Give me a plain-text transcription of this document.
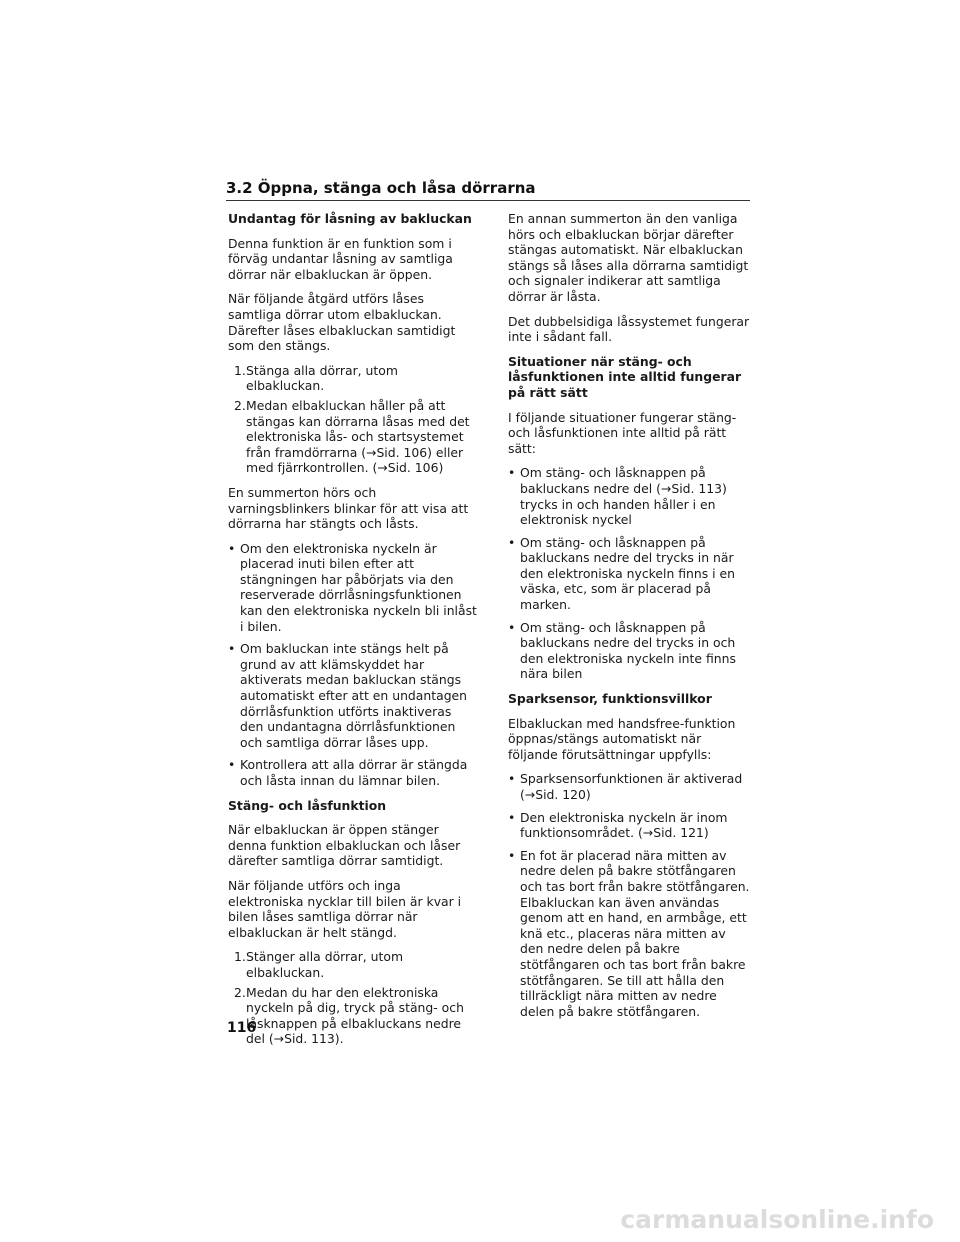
3.2 Öppna, stänga och låsa dörrarna
Undantag för låsning av bakluckan

Denna funktion är en funktion som i förväg undantar låsning av samtliga dörrar när elbakluckan är öppen.

När följande åtgärd utförs låses samtliga dörrar utom elbakluckan. Därefter låses elbakluckan samtidigt som den stängs.

1. Stänga alla dörrar, utom elbakluckan.
2. Medan elbakluckan håller på att stängas kan dörrarna låsas med det elektroniska lås- och startsystemet från framdörrarna (→Sid. 106) eller med fjärrkontrollen. (→Sid. 106)

En summerton hörs och varningsblinkers blinkar för att visa att dörrarna har stängts och låsts.

• Om den elektroniska nyckeln är placerad inuti bilen efter att stängningen har påbörjats via den reserverade dörrlåsningsfunktionen kan den elektroniska nyckeln bli inlåst i bilen.
• Om bakluckan inte stängs helt på grund av att klämskyddet har aktiverats medan bakluckan stängs automatiskt efter att en undantagen dörrlåsfunktion utförts inaktiveras den undantagna dörrlåsfunktionen och samtliga dörrar låses upp.
• Kontrollera att alla dörrar är stängda och låsta innan du lämnar bilen.
Stäng- och låsfunktion

När elbakluckan är öppen stänger denna funktion elbakluckan och låser därefter samtliga dörrar samtidigt.

När följande utförs och inga elektroniska nycklar till bilen är kvar i bilen låses samtliga dörrar när elbakluckan är helt stängd.

1. Stänger alla dörrar, utom elbakluckan.
2. Medan du har den elektroniska nyckeln på dig, tryck på stäng- och låsknappen på elbakluckans nedre del (→Sid. 113).

En annan summerton än den vanliga hörs och elbakluckan börjar därefter stängas automatiskt. När elbakluckan stängs så låses alla dörrarna samtidigt och signaler indikerar att samtliga dörrar är låsta.

Det dubbelsidiga låssystemet fungerar inte i sådant fall.

Situationer när stäng- och låsfunktionen inte alltid fungerar på rätt sätt

I följande situationer fungerar stäng- och låsfunktionen inte alltid på rätt sätt:

• Om stäng- och låsknappen på bakluckans nedre del (→Sid. 113) trycks in och handen håller i en elektronisk nyckel
• Om stäng- och låsknappen på bakluckans nedre del trycks in när den elektroniska nyckeln finns i en väska, etc, som är placerad på marken.
• Om stäng- och låsknappen på bakluckans nedre del trycks in och den elektroniska nyckeln inte finns nära bilen
Sparksensor, funktionsvillkor

Elbakluckan med handsfree-funktion öppnas/stängs automatiskt när följande förutsättningar uppfylls:

• Sparksensorfunktionen är aktiverad (→Sid. 120)
• Den elektroniska nyckeln är inom funktionsområdet. (→Sid. 121)
• En fot är placerad nära mitten av nedre delen på bakre stötfångaren och tas bort från bakre stötfångaren. Elbakluckan kan även användas genom att en hand, en armbåge, ett knä etc., placeras nära mitten av den nedre delen på bakre stötfångaren och tas bort från bakre stötfångaren. Se till att hålla den tillräckligt nära mitten av nedre delen på bakre stötfångaren.
116
carmanualsonline.info
